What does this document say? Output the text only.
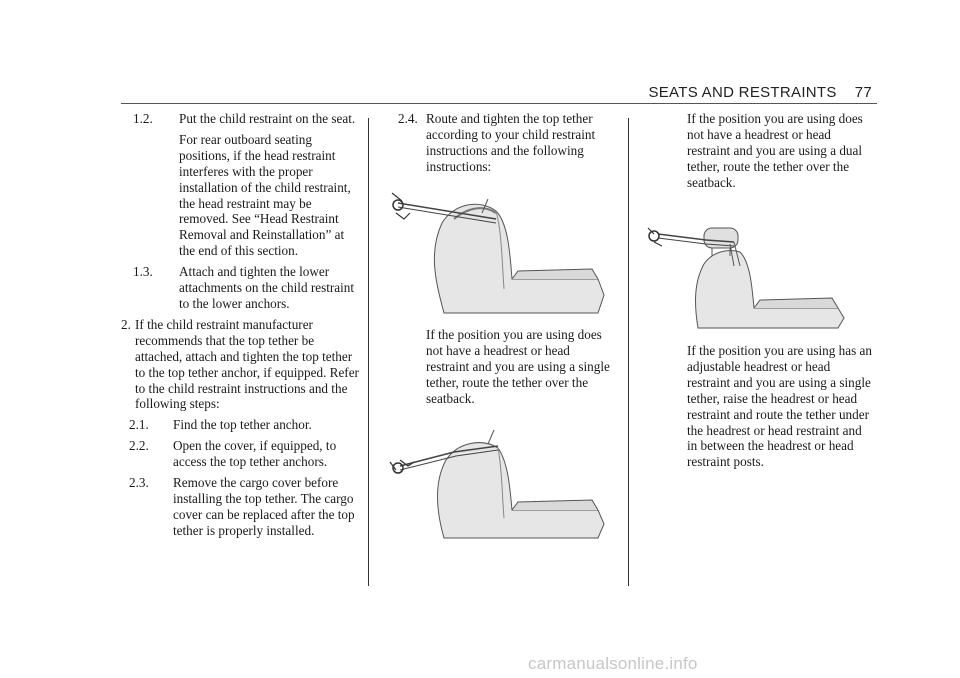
SEATS AND RESTRAINTS 77
1.2. Put the child restraint on the seat.

For rear outboard seating positions, if the head restraint interferes with the proper installation of the child restraint, the head restraint may be removed. See “Head Restraint Removal and Reinstallation” at the end of this section.

1.3. Attach and tighten the lower attachments on the child restraint to the lower anchors.

2. If the child restraint manufacturer recommends that the top tether be attached, attach and tighten the top tether to the top tether anchor, if equipped. Refer to the child restraint instructions and the following steps:

2.1. Find the top tether anchor.

2.2. Open the cover, if equipped, to access the top tether anchors.

2.3. Remove the cargo cover before installing the top tether. The cargo cover can be replaced after the top tether is properly installed.

2.4. Route and tighten the top tether according to your child restraint instructions and the following instructions:

If the position you are using does not have a headrest or head restraint and you are using a single tether, route the tether over the seatback.

If the position you are using does not have a headrest or head restraint and you are using a dual tether, route the tether over the seatback.

If the position you are using has an adjustable headrest or head restraint and you are using a single tether, raise the headrest or head restraint and route the tether under the headrest or head restraint and in between the headrest or head restraint posts.

carmanualsonline.info
